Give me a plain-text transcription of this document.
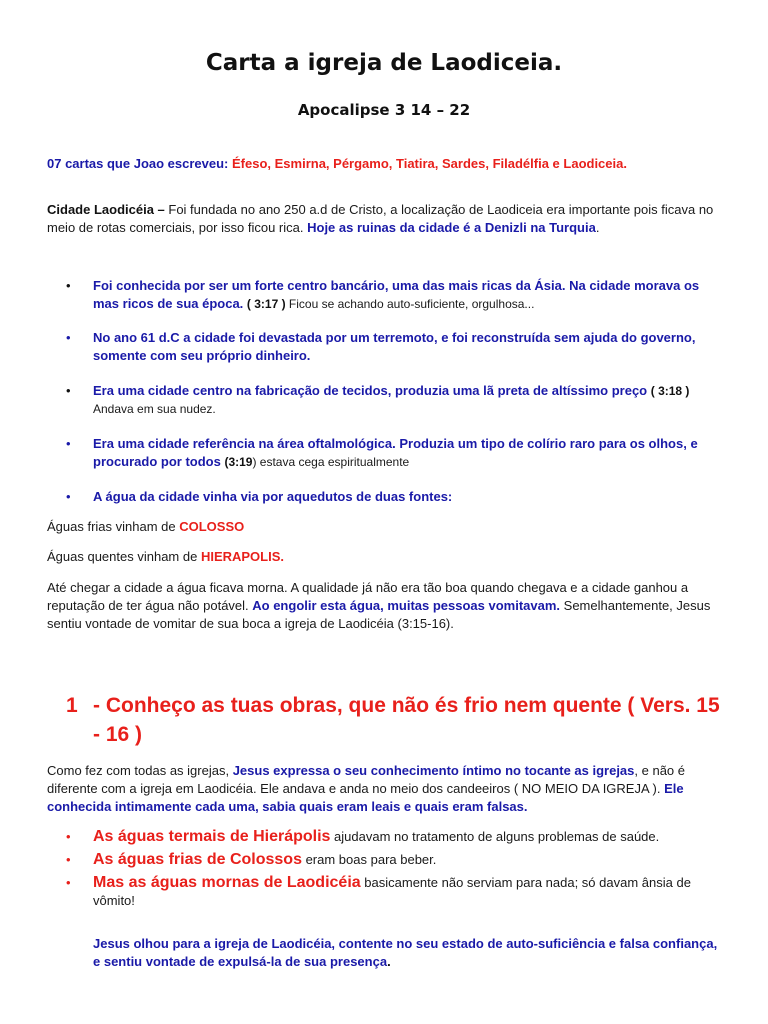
Carta a igreja de Laodiceia.
Apocalipse 3 14 – 22
07 cartas que Joao escreveu: Éfeso, Esmirna, Pérgamo, Tiatira, Sardes, Filadélfia e Laodiceia.
Cidade Laodicéia – Foi fundada no ano 250 a.d de Cristo, a localização de Laodiceia era importante pois ficava no meio de rotas comerciais, por isso ficou rica. Hoje as ruinas da cidade é a Denizli na Turquia.
• Foi conhecida por ser um forte centro bancário, uma das mais ricas da Ásia. Na cidade morava os mas ricos de sua época. ( 3:17 ) Ficou se achando auto-suficiente, orgulhosa...
• No ano 61 d.C a cidade foi devastada por um terremoto, e foi reconstruída sem ajuda do governo, somente com seu próprio dinheiro.
• Era uma cidade centro na fabricação de tecidos, produzia uma lã preta de altíssimo preço ( 3:18 ) Andava em sua nudez.
• Era uma cidade referência na área oftalmológica. Produzia um tipo de colírio raro para os olhos, e procurado por todos (3:19) estava cega espiritualmente
• A água da cidade vinha via por aquedutos de duas fontes:
Águas frias vinham de COLOSSO
Águas quentes vinham de HIERAPOLIS.
Até chegar a cidade a água ficava morna. A qualidade já não era tão boa quando chegava e a cidade ganhou a reputação de ter água não potável. Ao engolir esta água, muitas pessoas vomitavam. Semelhantemente, Jesus sentiu vontade de vomitar de sua boca a igreja de Laodicéia (3:15-16).
1 - Conheço as tuas obras, que não és frio nem quente ( Vers. 15 - 16 )
Como fez com todas as igrejas, Jesus expressa o seu conhecimento íntimo no tocante as igrejas, e não é diferente com a igreja em Laodicéia. Ele andava e anda no meio dos candeeiros ( NO MEIO DA IGREJA ). Ele conhecida intimamente cada uma, sabia quais eram leais e quais eram falsas.
• As águas termais de Hierápolis ajudavam no tratamento de alguns problemas de saúde.
• As águas frias de Colossos eram boas para beber.
• Mas as águas mornas de Laodicéia basicamente não serviam para nada; só davam ânsia de vômito!
Jesus olhou para a igreja de Laodicéia, contente no seu estado de auto-suficiência e falsa confiança, e sentiu vontade de expulsá-la de sua presença.
